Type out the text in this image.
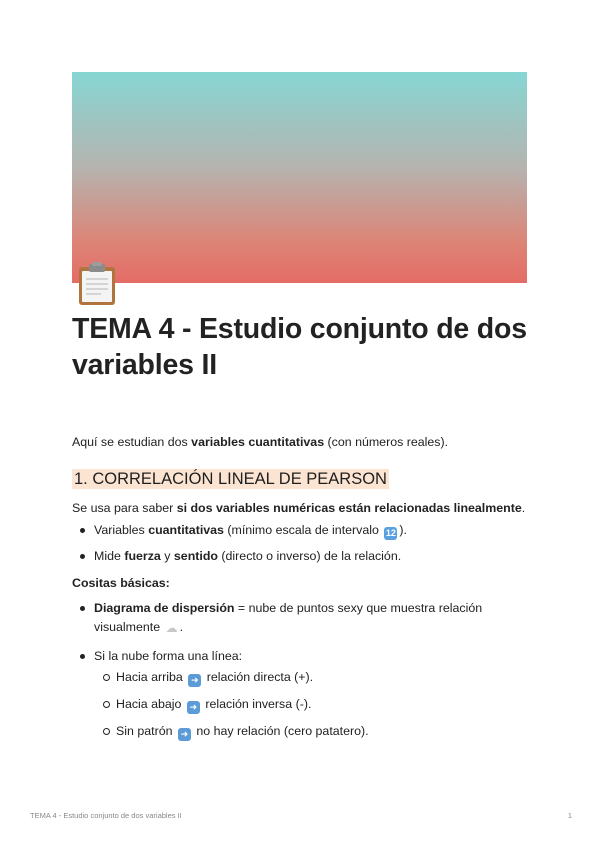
TEMA 4 - Estudio conjunto de dos variables II

Aquí se estudian dos variables cuantitativas (con números reales).

1. CORRELACIÓN LINEAL DE PEARSON

Se usa para saber si dos variables numéricas están relacionadas linealmente.

Variables cuantitativas (mínimo escala de intervalo 12 ).
Mide fuerza y sentido (directo o inverso) de la relación.

Cositas básicas:

Diagrama de dispersión = nube de puntos sexy que muestra relación visualmente ☁ .
Si la nube forma una línea:
Hacia arriba ➜ relación directa (+).
Hacia abajo ➜ relación inversa (-).
Sin patrón ➜ no hay relación (cero patatero).
TEMA 4 - Estudio conjunto de dos variables II	1
